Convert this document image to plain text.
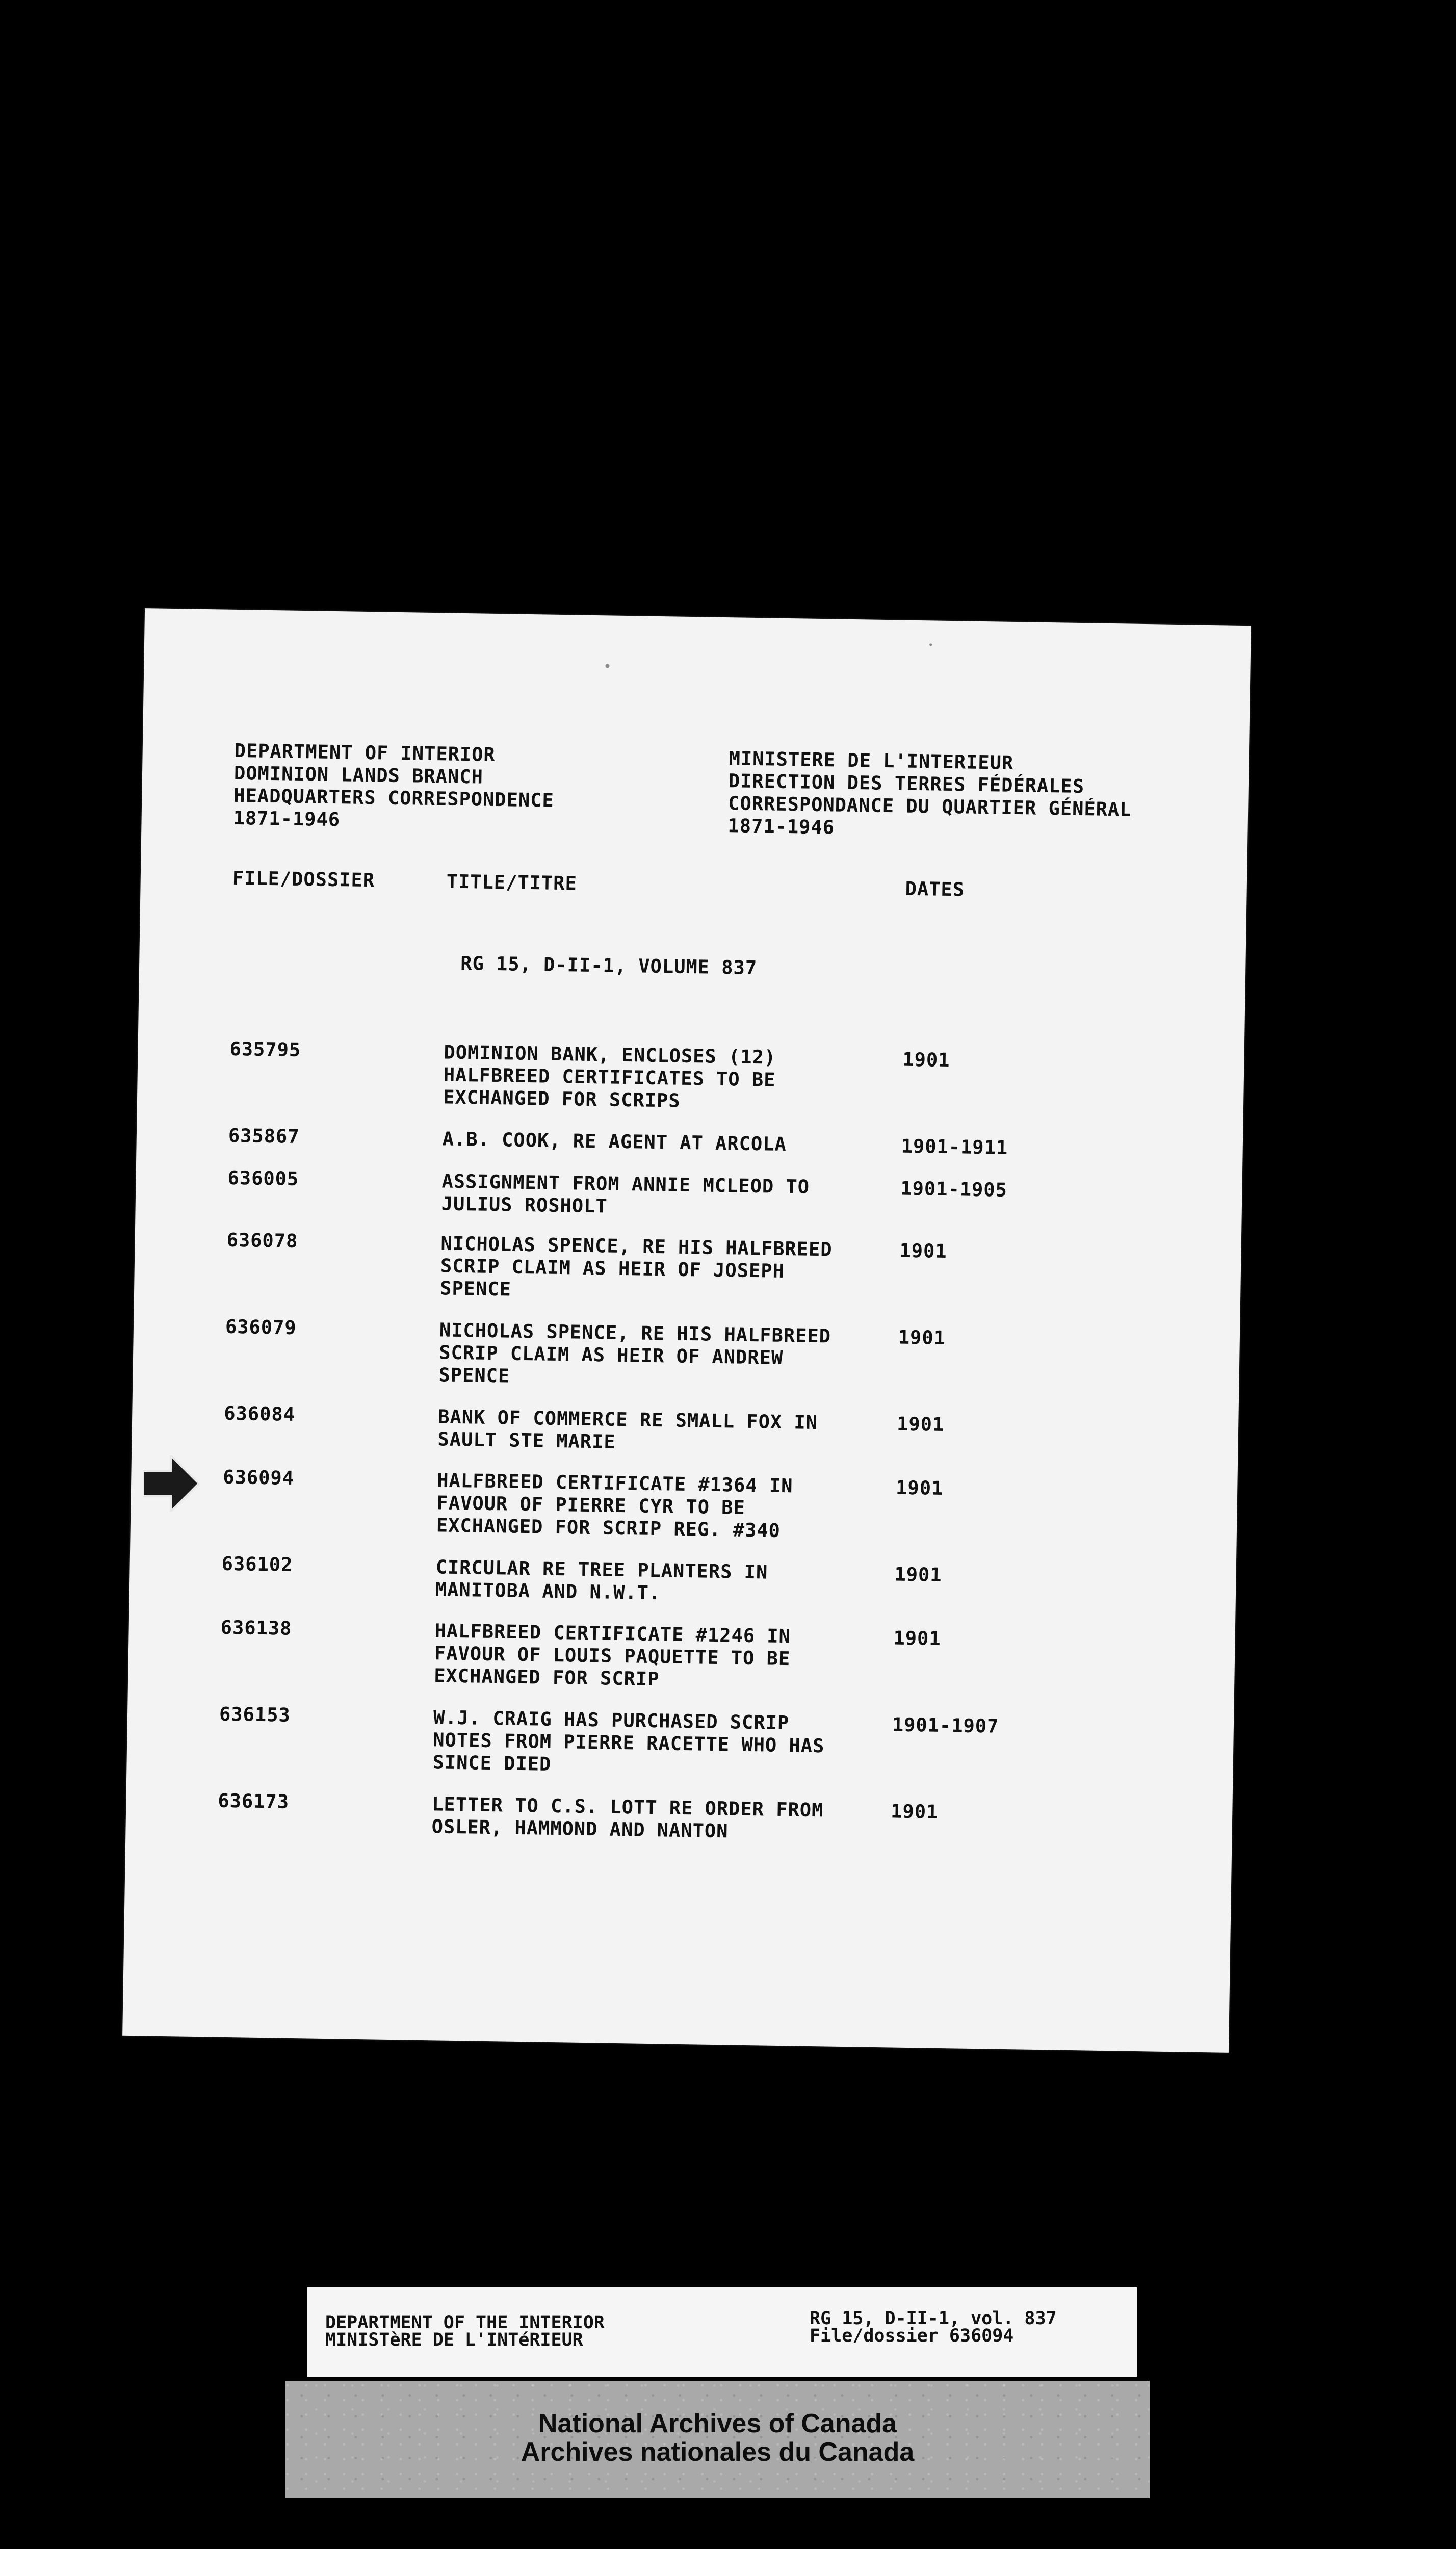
DEPARTMENT OF INTERIOR
DOMINION LANDS BRANCH
HEADQUARTERS CORRESPONDENCE
1871-1946
MINISTERE DE L'INTERIEUR
DIRECTION DES TERRES FÉDÉRALES
CORRESPONDANCE DU QUARTIER GÉNÉRAL
1871-1946
FILE/DOSSIER	TITLE/TITRE	DATES
RG 15, D-II-1, VOLUME 837
635795	DOMINION BANK, ENCLOSES (12)
HALFBREED CERTIFICATES TO BE
EXCHANGED FOR SCRIPS
1901
635867	A.B. COOK, RE AGENT AT ARCOLA	1901-1911
636005	ASSIGNMENT FROM ANNIE MCLEOD TO
JULIUS ROSHOLT
1901-1905
636078	NICHOLAS SPENCE, RE HIS HALFBREED
SCRIP CLAIM AS HEIR OF JOSEPH
SPENCE
1901
636079	NICHOLAS SPENCE, RE HIS HALFBREED
SCRIP CLAIM AS HEIR OF ANDREW
SPENCE
1901
636084	BANK OF COMMERCE RE SMALL FOX IN
SAULT STE MARIE
1901
636094	HALFBREED CERTIFICATE #1364 IN
FAVOUR OF PIERRE CYR TO BE
EXCHANGED FOR SCRIP REG. #340
1901
636102	CIRCULAR RE TREE PLANTERS IN
MANITOBA AND N.W.T.
1901
636138	HALFBREED CERTIFICATE #1246 IN
FAVOUR OF LOUIS PAQUETTE TO BE
EXCHANGED FOR SCRIP
1901
636153	W.J. CRAIG HAS PURCHASED SCRIP
NOTES FROM PIERRE RACETTE WHO HAS
SINCE DIED
1901-1907
636173	LETTER TO C.S. LOTT RE ORDER FROM
OSLER, HAMMOND AND NANTON
1901
DEPARTMENT OF THE INTERIOR
MINISTèRE DE L'INTéRIEUR
RG 15, D-II-1, vol. 837
File/dossier 636094
National Archives of Canada
Archives nationales du Canada
